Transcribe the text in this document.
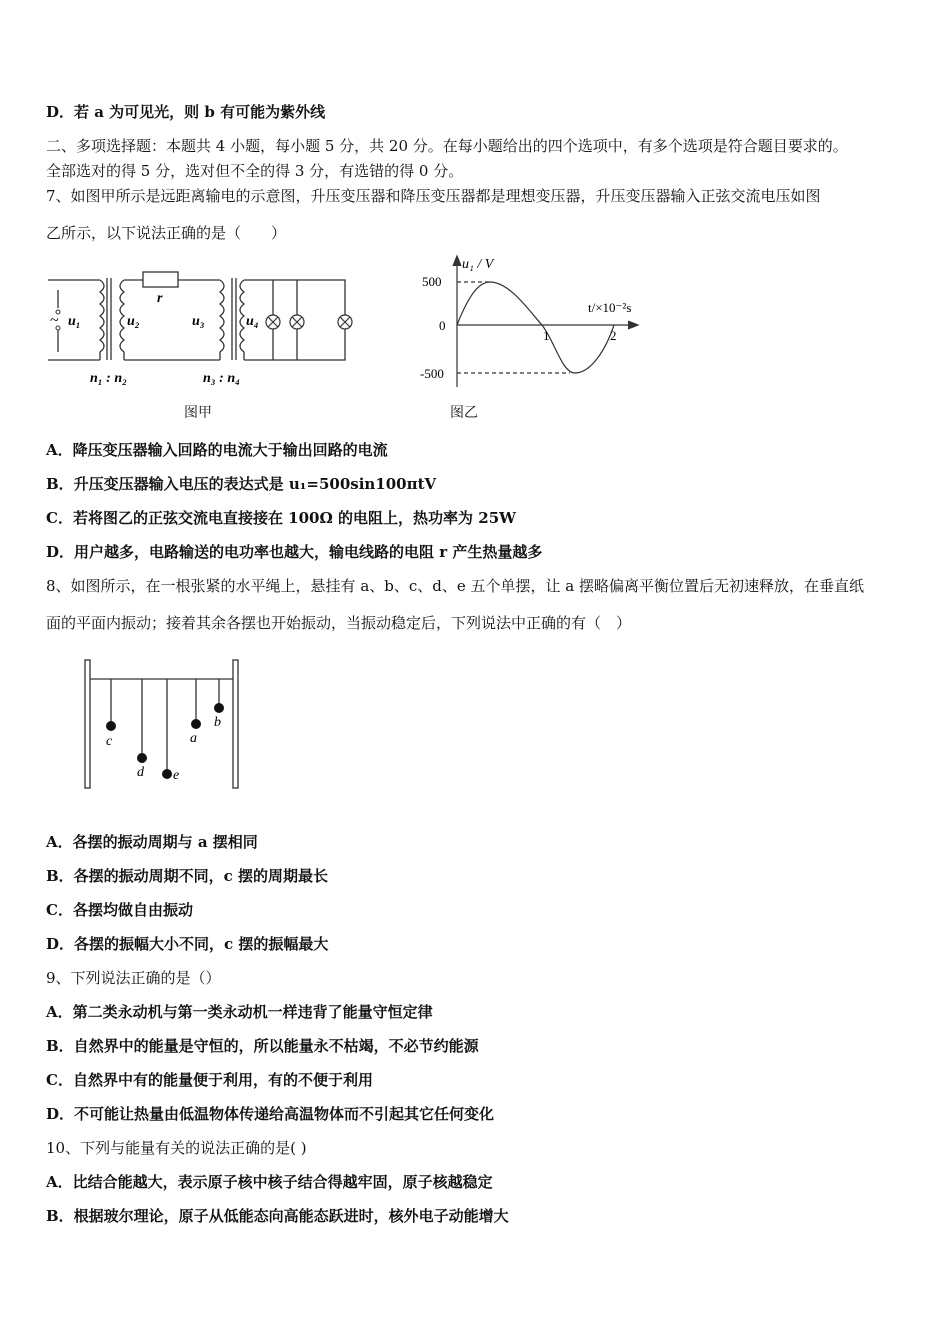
D．若 a 为可见光，则 b 有可能为紫外线
二、多项选择题：本题共 4 小题，每小题 5 分，共 20 分。在每小题给出的四个选项中，有多个选项是符合题目要求的。
全部选对的得 5 分，选对但不全的得 3 分，有选错的得 0 分。
7、如图甲所示是远距离输电的示意图，升压变压器和降压变压器都是理想变压器，升压变压器输入正弦交流电压如图
乙所示，以下说法正确的是（　　）
~ u₁	u₂	u₃	u₄
r
n₁ : n₂	n₃ : n₄
图甲
u₁ / V
500
0
-500
t/×10⁻²s
1	2
图乙
A．降压变压器输入回路的电流大于输出回路的电流
B．升压变压器输入电压的表达式是 u₁=500sin100πtV
C．若将图乙的正弦交流电直接接在 100Ω 的电阻上，热功率为 25W
D．用户越多，电路输送的电功率也越大，输电线路的电阻 r 产生热量越多
8、如图所示，在一根张紧的水平绳上，悬挂有 a、b、c、d、e 五个单摆，让 a 摆略偏离平衡位置后无初速释放，在垂直纸
面的平面内振动；接着其余各摆也开始振动，当振动稳定后，下列说法中正确的有（　）
c
d e
a
b
A．各摆的振动周期与 a 摆相同
B．各摆的振动周期不同，c 摆的周期最长
C．各摆均做自由振动
D．各摆的振幅大小不同，c 摆的振幅最大
9、下列说法正确的是（）
A．第二类永动机与第一类永动机一样违背了能量守恒定律
B．自然界中的能量是守恒的，所以能量永不枯竭，不必节约能源
C．自然界中有的能量便于利用，有的不便于利用
D．不可能让热量由低温物体传递给高温物体而不引起其它任何变化
10、下列与能量有关的说法正确的是( )
A．比结合能越大，表示原子核中核子结合得越牢固，原子核越稳定
B．根据玻尔理论，原子从低能态向高能态跃进时，核外电子动能增大
